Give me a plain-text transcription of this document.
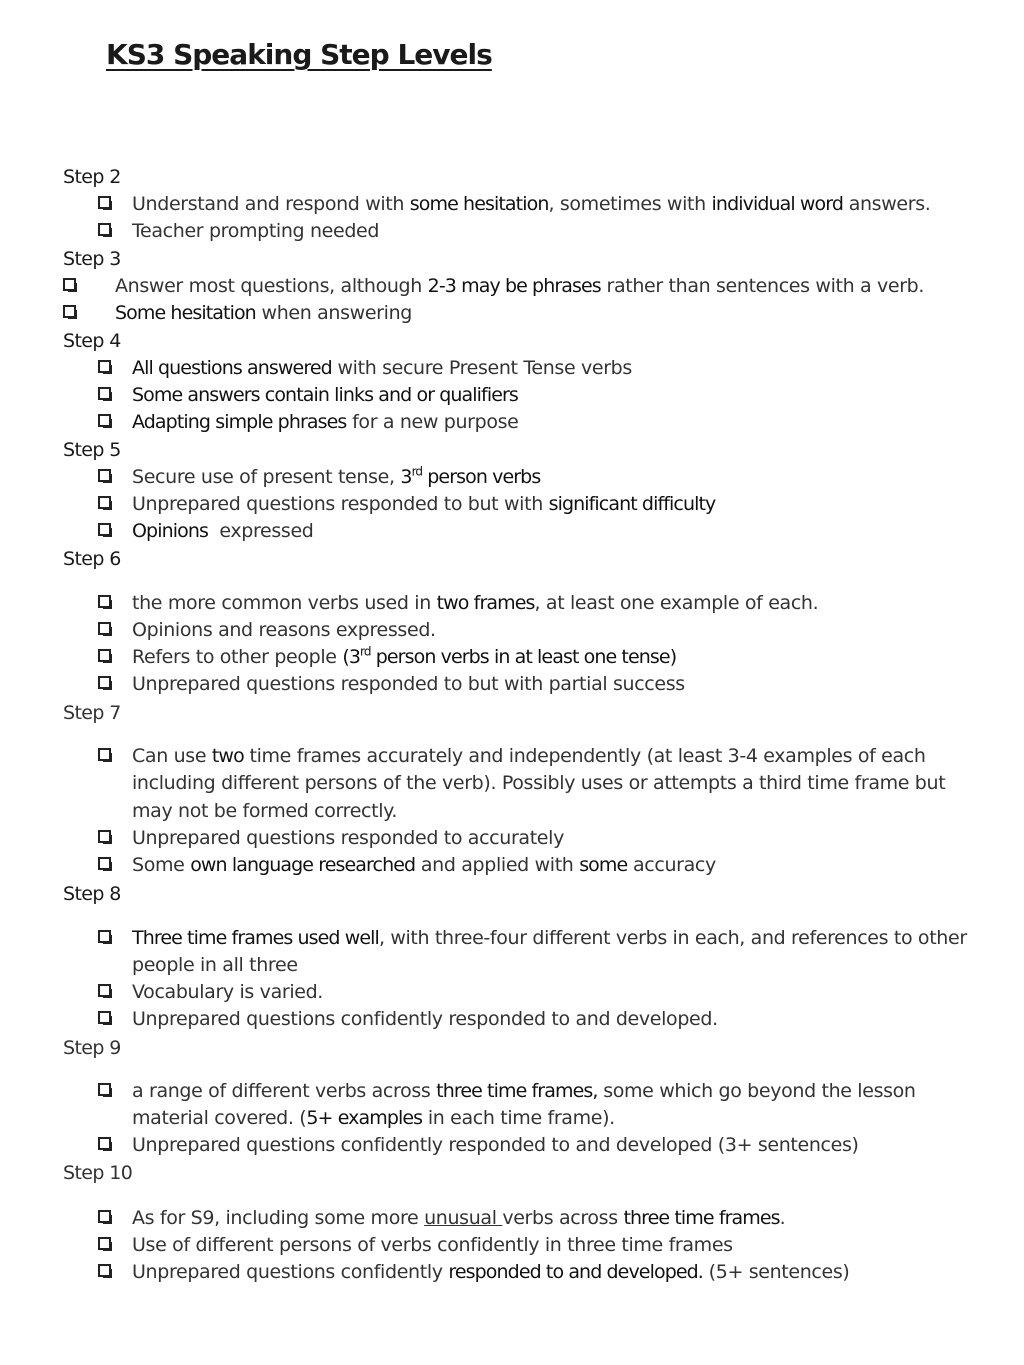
KS3 Speaking Step Levels
Step 2
Understand and respond with some hesitation, sometimes with individual word answers.
Teacher prompting needed
Step 3
Answer most questions, although 2-3 may be phrases rather than sentences with a verb.
Some hesitation when answering
Step 4
All questions answered with secure Present Tense verbs
Some answers contain links and or qualifiers
Adapting simple phrases for a new purpose
Step 5
Secure use of present tense, 3rd person verbs
Unprepared questions responded to but with significant difficulty
Opinions  expressed
Step 6
the more common verbs used in two frames, at least one example of each.
Opinions and reasons expressed.
Refers to other people (3rd person verbs in at least one tense)
Unprepared questions responded to but with partial success
Step 7
Can use two time frames accurately and independently (at least 3-4 examples of each including different persons of the verb). Possibly uses or attempts a third time frame but may not be formed correctly.
Unprepared questions responded to accurately
Some own language researched and applied with some accuracy
Step 8
Three time frames used well, with three-four different verbs in each, and references to other people in all three
Vocabulary is varied.
Unprepared questions confidently responded to and developed.
Step 9
a range of different verbs across three time frames, some which go beyond the lesson material covered. (5+ examples in each time frame).
Unprepared questions confidently responded to and developed (3+ sentences)
Step 10
As for S9, including some more unusual verbs across three time frames.
Use of different persons of verbs confidently in three time frames
Unprepared questions confidently responded to and developed. (5+ sentences)
